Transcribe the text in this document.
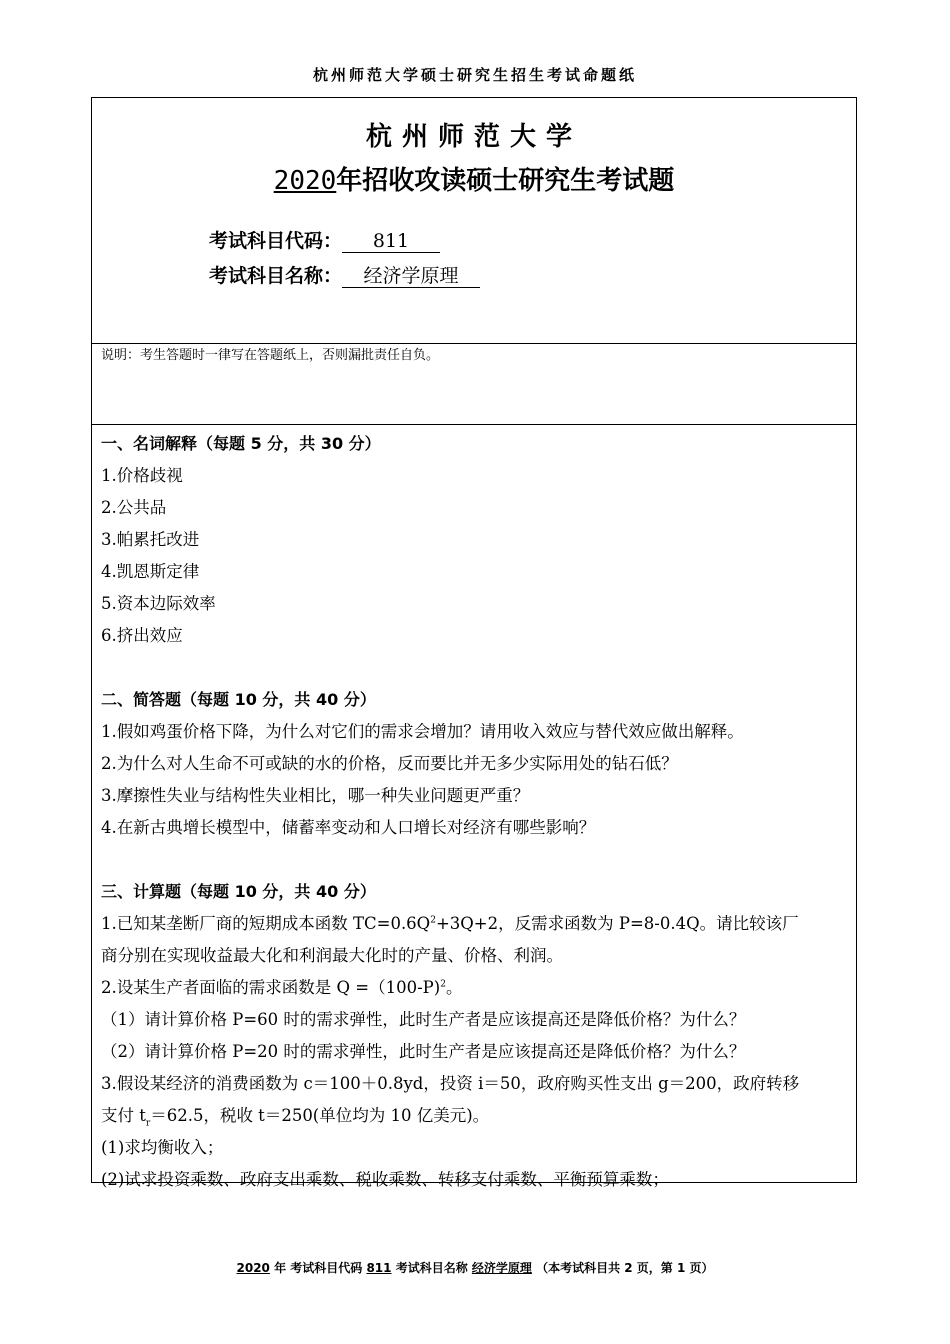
杭州师范大学硕士研究生招生考试命题纸
杭州师范大学
2020年招收攻读硕士研究生考试题
考试科目代码： 811
考试科目名称： 经济学原理
说明：考生答题时一律写在答题纸上，否则漏批责任自负。
一、名词解释（每题 5 分，共 30 分）
1.价格歧视
2.公共品
3.帕累托改进
4.凯恩斯定律
5.资本边际效率
6.挤出效应
二、简答题（每题 10 分，共 40 分）
1.假如鸡蛋价格下降，为什么对它们的需求会增加？请用收入效应与替代效应做出解释。
2.为什么对人生命不可或缺的水的价格，反而要比并无多少实际用处的钻石低？
3.摩擦性失业与结构性失业相比，哪一种失业问题更严重？
4.在新古典增长模型中，储蓄率变动和人口增长对经济有哪些影响？
三、计算题（每题 10 分，共 40 分）
1.已知某垄断厂商的短期成本函数 $TC=0.6Q^2+3Q+2$，反需求函数为 P=8-0.4Q。请比较该厂
商分别在实现收益最大化和利润最大化时的产量、价格、利润。
2.设某生产者面临的需求函数是 Q =（100-P)$^2$。
（1）请计算价格 P=60 时的需求弹性，此时生产者是应该提高还是降低价格？为什么？
（2）请计算价格 P=20 时的需求弹性，此时生产者是应该提高还是降低价格？为什么？
3.假设某经济的消费函数为 c＝100＋0.8yd，投资 i＝50，政府购买性支出 g＝200，政府转移
支付 $t_r=62.5$，税收 t＝250(单位均为 10 亿美元)。
(1)求均衡收入；
(2)试求投资乘数、政府支出乘数、税收乘数、转移支付乘数、平衡预算乘数；
2020 年 考试科目代码 811 考试科目名称 经济学原理 （本考试科目共 2 页，第 1 页）
